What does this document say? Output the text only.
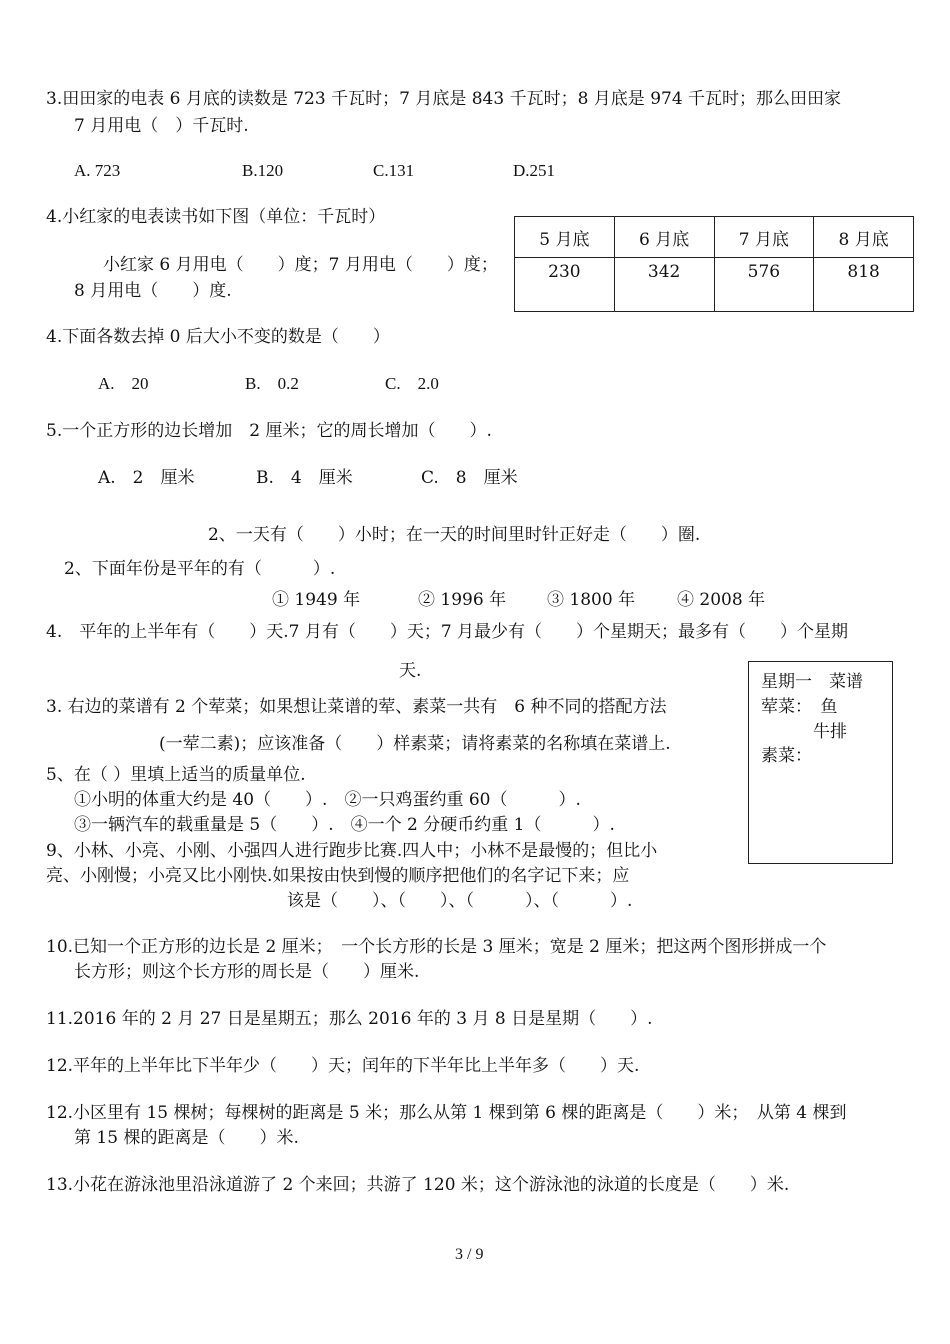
3.田田家的电表 6 月底的读数是 723 千瓦时；7 月底是 843 千瓦时；8 月底是 974 千瓦时；那么田田家
7 月用电（　）千瓦时.
A. 723	B.120	C.131	D.251
4.小红家的电表读书如下图（单位：千瓦时）
小红家 6 月用电（　　）度；7 月用电（　　）度；
8 月用电（　　）度.
5 月底	6 月底	7 月底	8 月底
230	342	576	818
4.下面各数去掉 0 后大小不变的数是（　　）
A.　20	B.　0.2	C.　2.0
5.一个正方形的边长增加　2 厘米；它的周长增加（　　）.
A.　2　厘米	B.　4　厘米	C.　8　厘米
2、一天有（　　）小时；在一天的时间里时针正好走（　　）圈.
2、下面年份是平年的有（　　　）.
① 1949 年	② 1996 年 ③ 1800 年 ④ 2008 年
4.　平年的上半年有（　　）天.7 月有（　　）天；7 月最少有（　　）个星期天；最多有（　　）个星期
天.
3. 右边的菜谱有 2 个荤菜；如果想让菜谱的荤、素菜一共有　6 种不同的搭配方法
(一荤二素)；应该准备（　　）样素菜；请将素菜的名称填在菜谱上.
星期一　菜谱
荤菜：　鱼
牛排
素菜：
5、在（ ）里填上适当的质量单位.
①小明的体重大约是 40（　　）.　②一只鸡蛋约重 60（　　　）.
③一辆汽车的载重量是 5（　　）.　④一个 2 分硬币约重 1（　　　）.
9、小林、小亮、小刚、小强四人进行跑步比赛.四人中；小林不是最慢的；但比小
亮、小刚慢；小亮又比小刚快.如果按由快到慢的顺序把他们的名字记下来；应
该是（　　）、（　　）、（　　　）、（　　　）.
10.已知一个正方形的边长是 2 厘米；　一个长方形的长是 3 厘米；宽是 2 厘米；把这两个图形拼成一个
长方形；则这个长方形的周长是（　　）厘米.
11.2016 年的 2 月 27 日是星期五；那么 2016 年的 3 月 8 日是星期（　　）.
12.平年的上半年比下半年少（　　）天；闰年的下半年比上半年多（　　）天.
12.小区里有 15 棵树；每棵树的距离是 5 米；那么从第 1 棵到第 6 棵的距离是（　　）米；　从第 4 棵到
第 15 棵的距离是（　　）米.
13.小花在游泳池里沿泳道游了 2 个来回；共游了 120 米；这个游泳池的泳道的长度是（　　）米.
3 / 9
